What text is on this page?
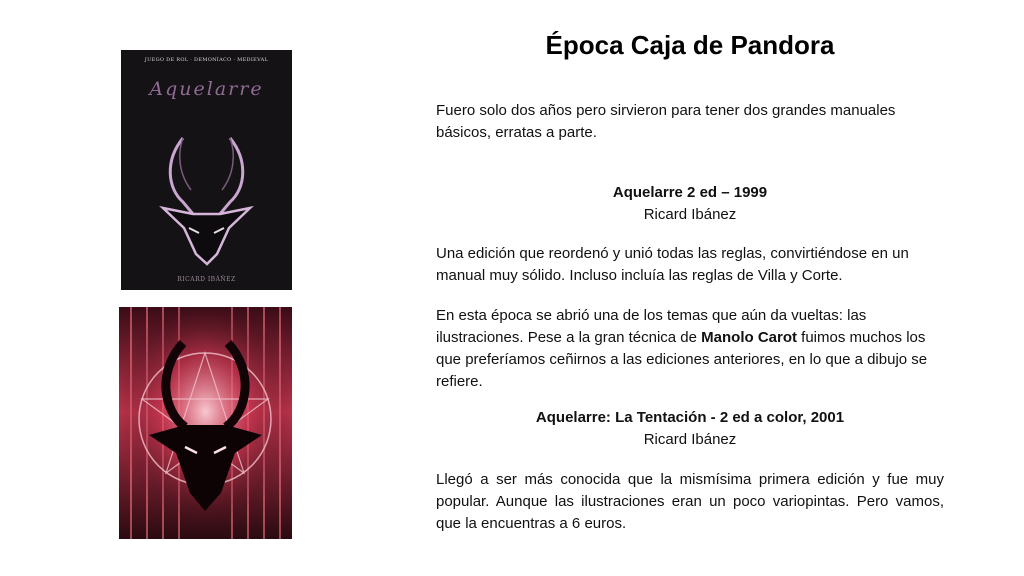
JUEGO DE ROL · DEMONÍACO · MEDIEVAL
Aquelarre
RICARD IBÁÑEZ
Época Caja de Pandora

Fuero solo dos años pero sirvieron para tener dos grandes manuales básicos, erratas a parte.

Aquelarre 2 ed – 1999
Ricard Ibánez

Una edición que reordenó y unió todas las reglas, convirtiéndose en un manual muy sólido. Incluso incluía las reglas de Villa y Corte.

En esta época se abrió una de los temas que aún da vueltas: las ilustraciones. Pese a la gran técnica de Manolo Carot fuimos muchos los que preferíamos ceñirnos a las ediciones anteriores, en lo que a dibujo se refiere.

Aquelarre: La Tentación - 2 ed a color, 2001
Ricard Ibánez

Llegó a ser más conocida que la mismísima primera edición y fue muy popular. Aunque las ilustraciones eran un poco variopintas. Pero vamos, que la encuentras a 6 euros.
